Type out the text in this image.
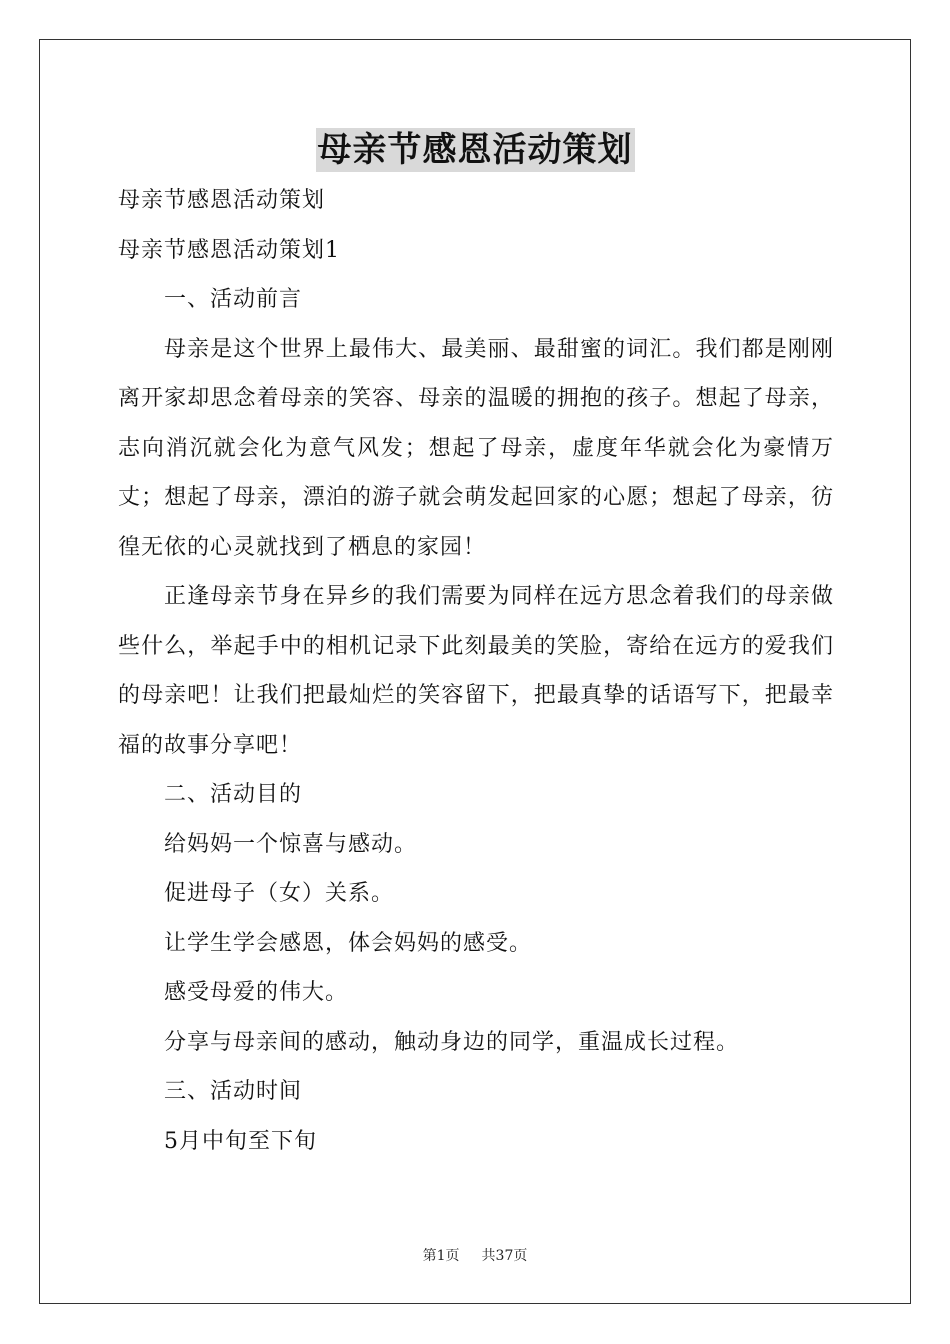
母亲节感恩活动策划

母亲节感恩活动策划

母亲节感恩活动策划1

一、活动前言

母亲是这个世界上最伟大、最美丽、最甜蜜的词汇。我们都是刚刚离开家却思念着母亲的笑容、母亲的温暖的拥抱的孩子。想起了母亲，志向消沉就会化为意气风发；想起了母亲，虚度年华就会化为豪情万丈；想起了母亲，漂泊的游子就会萌发起回家的心愿；想起了母亲，彷徨无依的心灵就找到了栖息的家园！

正逢母亲节身在异乡的我们需要为同样在远方思念着我们的母亲做些什么，举起手中的相机记录下此刻最美的笑脸，寄给在远方的爱我们的母亲吧！让我们把最灿烂的笑容留下，把最真挚的话语写下，把最幸福的故事分享吧！

二、活动目的

给妈妈一个惊喜与感动。

促进母子（女）关系。

让学生学会感恩，体会妈妈的感受。

感受母爱的伟大。

分享与母亲间的感动，触动身边的同学，重温成长过程。

三、活动时间

5月中旬至下旬

第1页 共37页
